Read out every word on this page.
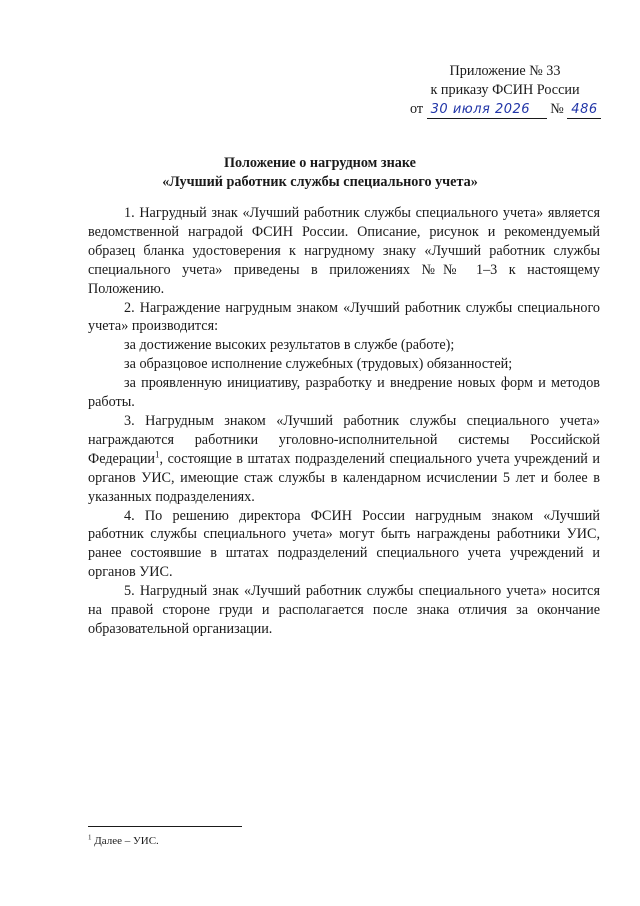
Приложение № 33
к приказу ФСИН России
от 30 июля 2026 № 486
Положение о нагрудном знаке
«Лучший работник службы специального учета»

1. Нагрудный знак «Лучший работник службы специального учета» является ведомственной наградой ФСИН России. Описание, рисунок и рекомендуемый образец бланка удостоверения к нагрудному знаку «Лучший работник службы специального учета» приведены в приложениях №№ 1–3 к настоящему Положению.

2. Награждение нагрудным знаком «Лучший работник службы специального учета» производится:

за достижение высоких результатов в службе (работе);

за образцовое исполнение служебных (трудовых) обязанностей;

за проявленную инициативу, разработку и внедрение новых форм и методов работы.

3. Нагрудным знаком «Лучший работник службы специального учета» награждаются работники уголовно-исполнительной системы Российской Федерации$^1$, состоящие в штатах подразделений специального учета учреждений и органов УИС, имеющие стаж службы в календарном исчислении 5 лет и более в указанных подразделениях.

4. По решению директора ФСИН России нагрудным знаком «Лучший работник службы специального учета» могут быть награждены работники УИС, ранее состоявшие в штатах подразделений специального учета учреждений и органов УИС.

5. Нагрудный знак «Лучший работник службы специального учета» носится на правой стороне груди и располагается после знака отличия за окончание образовательной организации.

$^1$ Далее – УИС.
